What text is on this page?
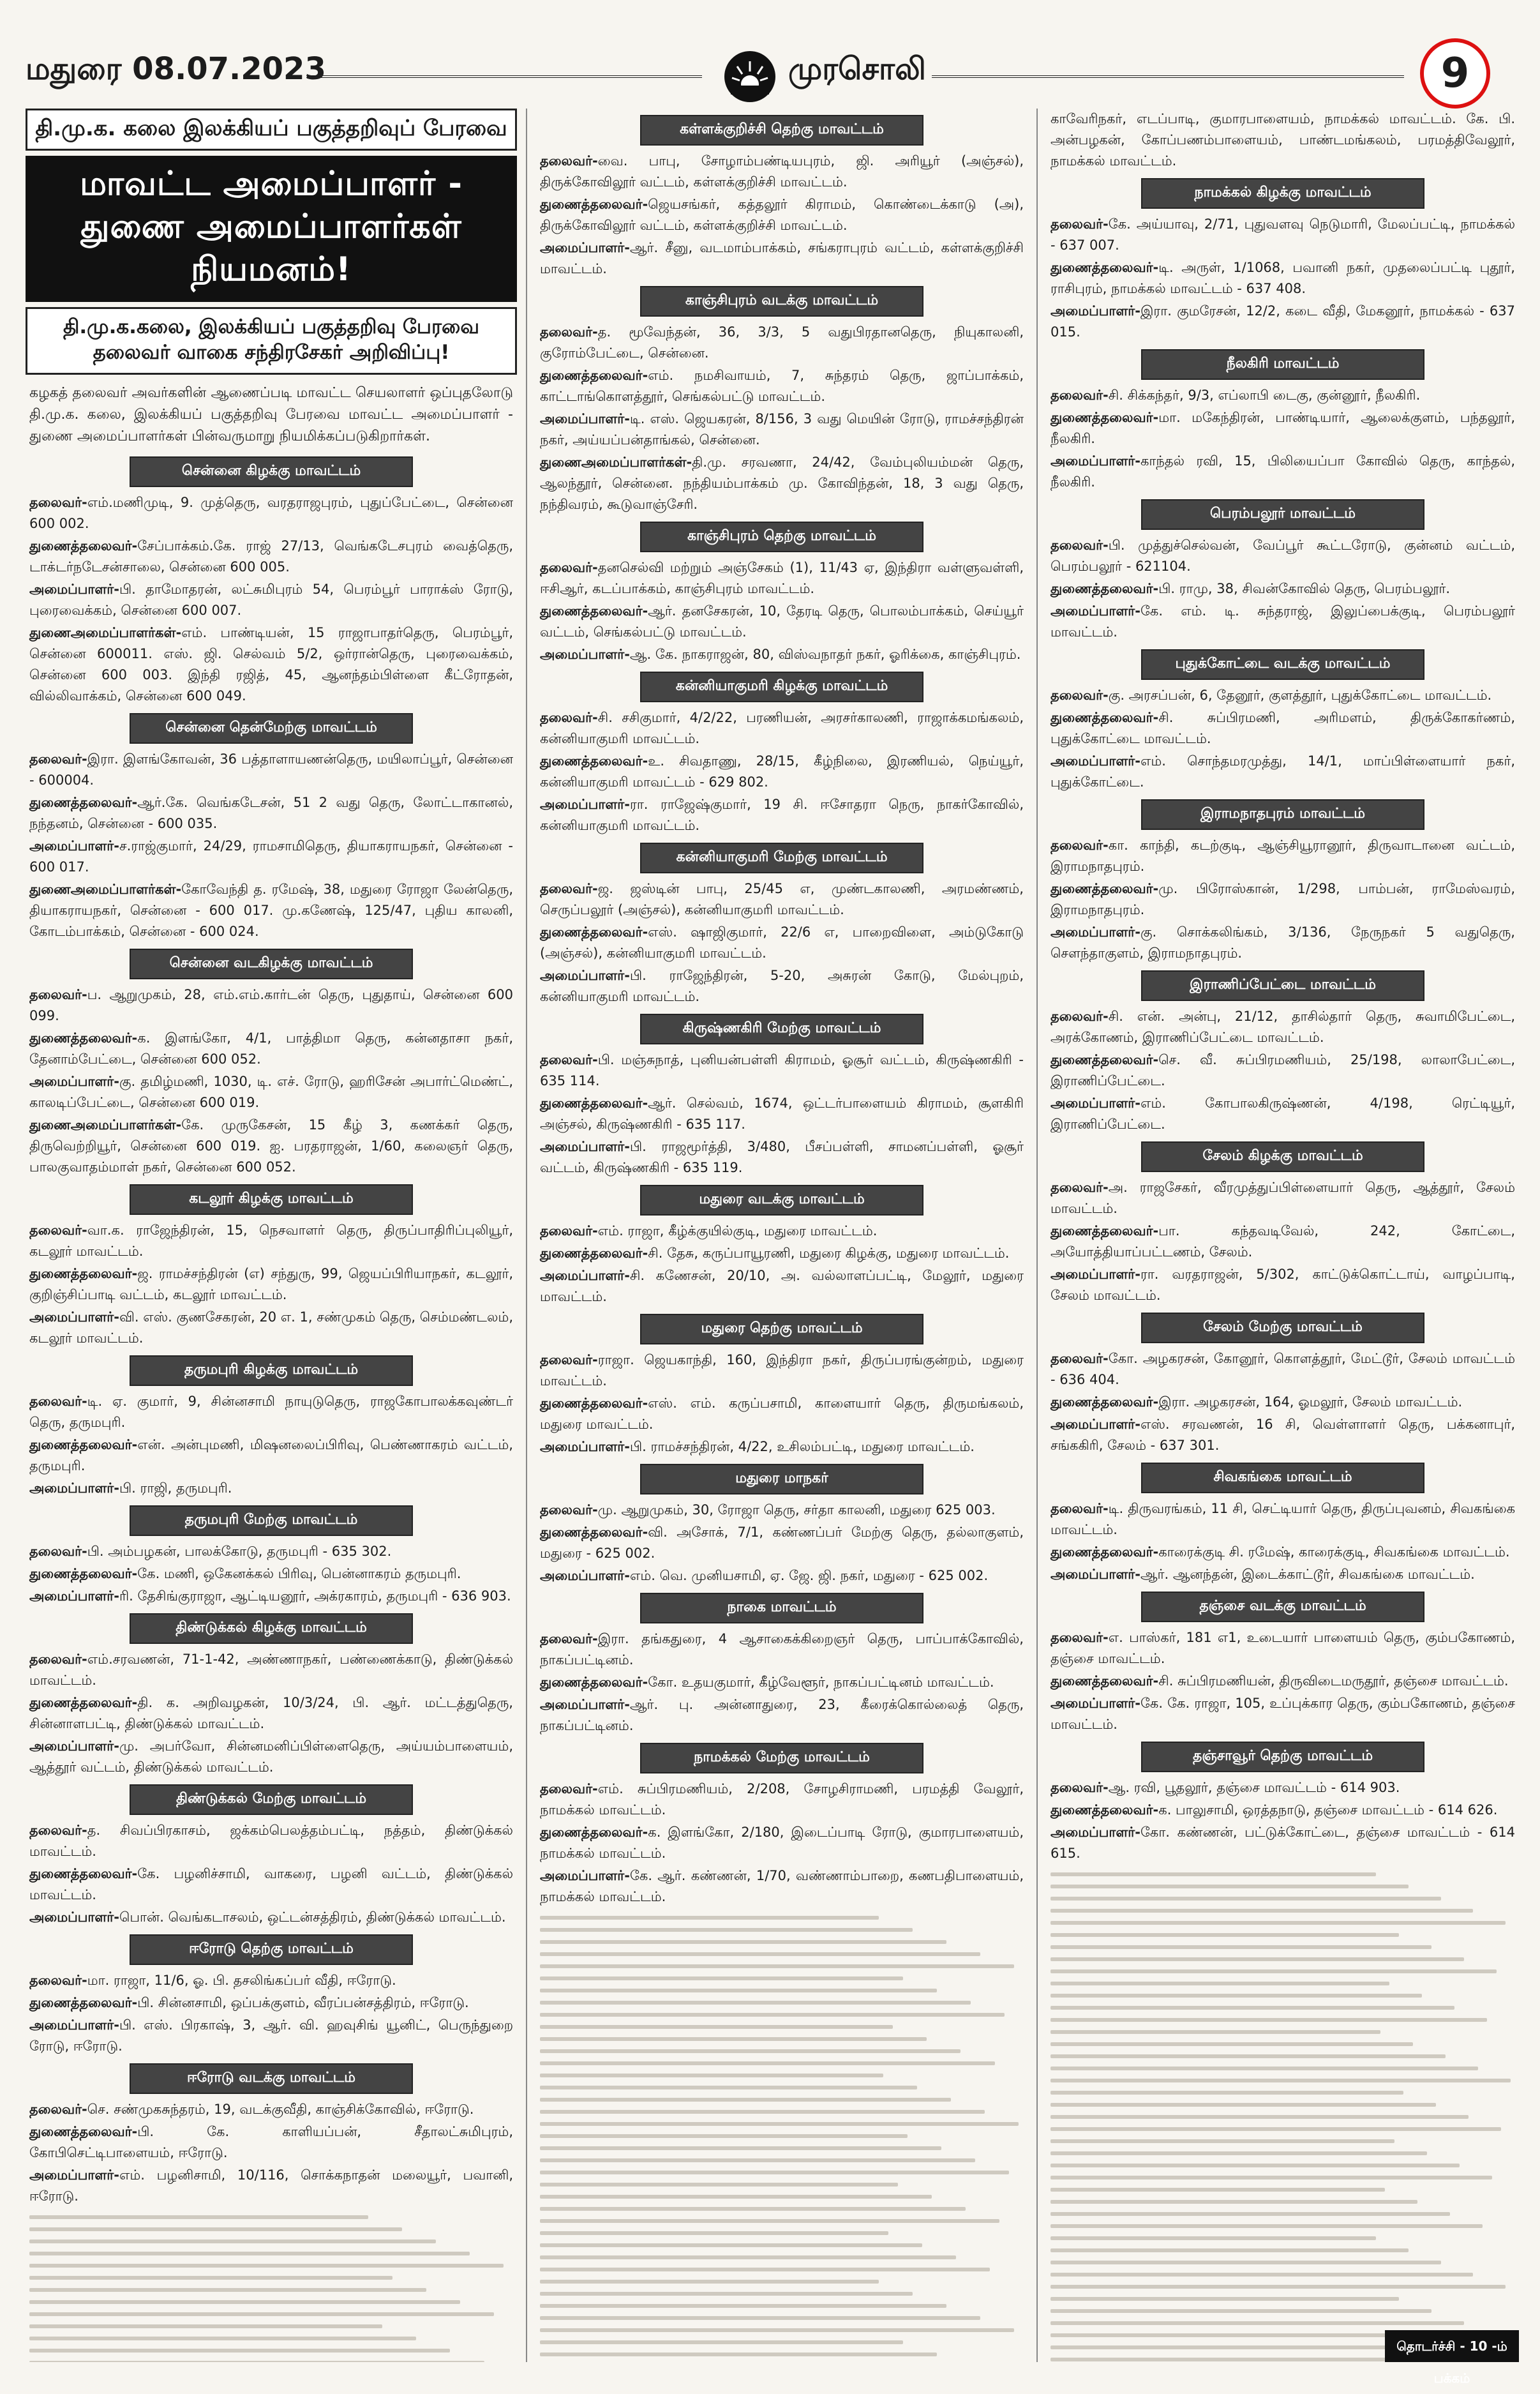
மதுரை 08.07.2023	முரசொலி	9
தி.மு.க. கலை இலக்கியப் பகுத்தறிவுப் பேரவை
மாவட்ட அமைப்பாளர் - துணை அமைப்பாளர்கள் நியமனம்!
தி.மு.க.கலை, இலக்கியப் பகுத்தறிவு பேரவை தலைவர் வாகை சந்திரசேகர் அறிவிப்பு!
கழகத் தலைவர் அவர்களின் ஆணைப்படி மாவட்ட செயலாளர் ஒப்புதலோடு தி.மு.க. கலை, இலக்கியப் பகுத்தறிவு பேரவை மாவட்ட அமைப்பாளர் - துணை அமைப்பாளர்கள் பின்வருமாறு நியமிக்கப்படுகிறார்கள்.
சென்னை கிழக்கு மாவட்டம்
தலைவர்-எம்.மணிமுடி, 9. முத்தெரு, வரதராஜபுரம், புதுப்பேட்டை, சென்னை 600 002.
துணைத்தலைவர்-சேப்பாக்கம்.கே. ராஜ் 27/13, வெங்கடேசபுரம் வைத்தெரு, டாக்டர்நடேசன்சாலை, சென்னை 600 005.
அமைப்பாளர்-பி. தாமோதரன், லட்சுமிபுரம் 54, பெரம்பூர் பாராக்ஸ் ரோடு, புரைவைக்கம், சென்னை 600 007.
துணைஅமைப்பாளர்கள்-எம். பாண்டியன், 15 ராஜாபாதர்தெரு, பெரம்பூர், சென்னை 600011. எஸ். ஜி. செல்வம் 5/2, ஒர்ரான்தெரு, புரைவைக்கம், சென்னை 600 003. இந்தி ரஜித், 45, ஆனந்தம்பிள்ளை கீட்ரோதன், வில்லிவாக்கம், சென்னை 600 049.
சென்னை தென்மேற்கு மாவட்டம்
தலைவர்-இரா. இளங்கோவன், 36 பத்தாளாயணன்தெரு, மயிலாப்பூர், சென்னை - 600004.
துணைத்தலைவர்-ஆர்.கே. வெங்கடேசன், 51 2 வது தெரு, லோட்டாகானல், நந்தனம், சென்னை - 600 035.
அமைப்பாளர்-ச.ராஜ்குமார், 24/29, ராமசாமிதெரு, தியாகராயநகர், சென்னை - 600 017.
துணைஅமைப்பாளர்கள்-கோவேந்தி த. ரமேஷ், 38, மதுரை ரோஜா லேன்தெரு, தியாகராயநகர், சென்னை - 600 017. மு.கணேஷ், 125/47, புதிய காலனி, கோடம்பாக்கம், சென்னை - 600 024.
சென்னை வடகிழக்கு மாவட்டம்
தலைவர்-ப. ஆறுமுகம், 28, எம்.எம்.கார்டன் தெரு, புதுதாய், சென்னை 600 099.
துணைத்தலைவர்-க. இளங்கோ, 4/1, பாத்திமா தெரு, கன்னதாசா நகர், தேனாம்பேட்டை, சென்னை 600 052.
அமைப்பாளர்-கு. தமிழ்மணி, 1030, டி. எச். ரோடு, ஹரிசேன் அபார்ட்மெண்ட், காலடிப்பேட்டை, சென்னை 600 019.
துணைஅமைப்பாளர்கள்-கே. முருகேசன், 15 கீழ் 3, கணக்கர் தெரு, திருவெற்றியூர், சென்னை 600 019. ஐ. பரதராஜன், 1/60, கலைஞர் தெரு, பாலகுவாதம்மாள் நகர், சென்னை 600 052.
கடலூர் கிழக்கு மாவட்டம்
தலைவர்-வா.க. ராஜேந்திரன், 15, நெசவாளர் தெரு, திருப்பாதிரிப்புலியூர், கடலூர் மாவட்டம்.
துணைத்தலைவர்-ஜ. ராமச்சந்திரன் (எ) சந்துரு, 99, ஜெயப்பிரியாநகர், கடலூர், குறிஞ்சிப்பாடி வட்டம், கடலூர் மாவட்டம்.
அமைப்பாளர்-வி. எஸ். குணசேகரன், 20 எ. 1, சண்முகம் தெரு, செம்மண்டலம், கடலூர் மாவட்டம்.
தருமபுரி கிழக்கு மாவட்டம்
தலைவர்-டி. ஏ. குமார், 9, சின்னசாமி நாயுடுதெரு, ராஜகோபாலக்கவுண்டர் தெரு, தருமபுரி.
துணைத்தலைவர்-என். அன்புமணி, மிஷனலைப்பிரிவு, பெண்ணாகரம் வட்டம், தருமபுரி.
அமைப்பாளர்-பி. ராஜி, தருமபுரி.
தருமபுரி மேற்கு மாவட்டம்
தலைவர்-பி. அம்பழகன், பாலக்கோடு, தருமபுரி - 635 302.
துணைத்தலைவர்-கே. மணி, ஒகேனக்கல் பிரிவு, பென்னாகரம் தருமபுரி.
அமைப்பாளர்-ரி. தேசிங்குராஜா, ஆட்டியனூர், அக்ரகாரம், தருமபுரி - 636 903.
திண்டுக்கல் கிழக்கு மாவட்டம்
தலைவர்-எம்.சரவணன், 71-1-42, அண்ணாநகர், பண்ணைக்காடு, திண்டுக்கல் மாவட்டம்.
துணைத்தலைவர்-தி. க. அறிவழகன், 10/3/24, பி. ஆர். மட்டத்துதெரு, சின்னாளபட்டி, திண்டுக்கல் மாவட்டம்.
அமைப்பாளர்-மு. அபர்வோ, சின்னமனிப்பிள்ளைதெரு, அய்யம்பாளையம், ஆத்தூர் வட்டம், திண்டுக்கல் மாவட்டம்.
திண்டுக்கல் மேற்கு மாவட்டம்
தலைவர்-த. சிவப்பிரகாசம், ஜக்கம்பெலத்தம்பட்டி, நத்தம், திண்டுக்கல் மாவட்டம்.
துணைத்தலைவர்-கே. பழனிச்சாமி, வாகரை, பழனி வட்டம், திண்டுக்கல் மாவட்டம்.
அமைப்பாளர்-பொன். வெங்கடாசலம், ஒட்டன்சத்திரம், திண்டுக்கல் மாவட்டம்.
ஈரோடு தெற்கு மாவட்டம்
தலைவர்-மா. ராஜா, 11/6, ஓ. பி. தசலிங்கப்பர் வீதி, ஈரோடு.
துணைத்தலைவர்-பி. சின்னசாமி, ஒப்பக்குளம், வீரப்பன்சத்திரம், ஈரோடு.
அமைப்பாளர்-பி. எஸ். பிரகாஷ், 3, ஆர். வி. ஹவுசிங் யூனிட், பெருந்துறை ரோடு, ஈரோடு.
ஈரோடு வடக்கு மாவட்டம்
தலைவர்-செ. சண்முகசுந்தரம், 19, வடக்குவீதி, காஞ்சிக்கோவில், ஈரோடு.
துணைத்தலைவர்-பி. கே. காளியப்பன், சீதாலட்சுமிபுரம், கோபிசெட்டிபாளையம், ஈரோடு.
அமைப்பாளர்-எம். பழனிசாமி, 10/116, சொக்கநாதன் மலையூர், பவானி, ஈரோடு.
கள்ளக்குறிச்சி தெற்கு மாவட்டம்
தலைவர்-வை. பாபு, சோழாம்பண்டியபுரம், ஜி. அரியூர் (அஞ்சல்), திருக்கோவிலூர் வட்டம், கள்ளக்குறிச்சி மாவட்டம்.
துணைத்தலைவர்-ஜெயசங்கர், கத்தலூர் கிராமம், கொண்டைக்காடு (அ), திருக்கோவிலூர் வட்டம், கள்ளக்குறிச்சி மாவட்டம்.
அமைப்பாளர்-ஆர். சீனு, வடமாம்பாக்கம், சங்கராபுரம் வட்டம், கள்ளக்குறிச்சி மாவட்டம்.
காஞ்சிபுரம் வடக்கு மாவட்டம்
தலைவர்-த. மூவேந்தன், 36, 3/3, 5 வதுபிரதானதெரு, நியுகாலனி, குரோம்பேட்டை, சென்னை.
துணைத்தலைவர்-எம். நமசிவாயம், 7, சுந்தரம் தெரு, ஜாப்பாக்கம், காட்டாங்கொளத்தூர், செங்கல்பட்டு மாவட்டம்.
அமைப்பாளர்-டி. எஸ். ஜெயகரன், 8/156, 3 வது மெயின் ரோடு, ராமச்சந்திரன் நகர், அய்யப்பன்தாங்கல், சென்னை.
துணைஅமைப்பாளர்கள்-தி.மு. சரவணா, 24/42, வேம்புலியம்மன் தெரு, ஆலந்தூர், சென்னை. நந்தியம்பாக்கம் மு. கோவிந்தன், 18, 3 வது தெரு, நந்திவரம், கூடுவாஞ்சேரி.
காஞ்சிபுரம் தெற்கு மாவட்டம்
தலைவர்-தனசெல்வி மற்றும் அஞ்சேகம் (1), 11/43 ஏ, இந்திரா வள்ளுவள்ளி, ஈசிஆர், கடப்பாக்கம், காஞ்சிபுரம் மாவட்டம்.
துணைத்தலைவர்-ஆர். தனசேகரன், 10, தேரடி தெரு, பொலம்பாக்கம், செய்யூர் வட்டம், செங்கல்பட்டு மாவட்டம்.
அமைப்பாளர்-ஆ. கே. நாகராஜன், 80, விஸ்வநாதர் நகர், ஓரிக்கை, காஞ்சிபுரம்.
கன்னியாகுமரி கிழக்கு மாவட்டம்
தலைவர்-சி. சசிகுமார், 4/2/22, பரணியன், அரசர்காலணி, ராஜாக்கமங்கலம், கன்னியாகுமரி மாவட்டம்.
துணைத்தலைவர்-உ. சிவதாணு, 28/15, கீழ்நிலை, இரணியல், நெய்யூர், கன்னியாகுமரி மாவட்டம் - 629 802.
அமைப்பாளர்-ரா. ராஜேஷ்குமார், 19 சி. ஈசோதரா நெரு, நாகர்கோவில், கன்னியாகுமரி மாவட்டம்.
கன்னியாகுமரி மேற்கு மாவட்டம்
தலைவர்-ஜ. ஜஸ்டின் பாபு, 25/45 எ, முண்டகாலணி, அரமண்ணம், செருப்பலூர் (அஞ்சல்), கன்னியாகுமரி மாவட்டம்.
துணைத்தலைவர்-எஸ். ஷாஜிகுமார், 22/6 எ, பாறைவிளை, அம்டுகோடு (அஞ்சல்), கன்னியாகுமரி மாவட்டம்.
அமைப்பாளர்-பி. ராஜேந்திரன், 5-20, அசுரன் கோடு, மேல்புறம், கன்னியாகுமரி மாவட்டம்.
கிருஷ்ணகிரி மேற்கு மாவட்டம்
தலைவர்-பி. மஞ்சுநாத், புனியன்பள்ளி கிராமம், ஓசூர் வட்டம், கிருஷ்ணகிரி - 635 114.
துணைத்தலைவர்-ஆர். செல்வம், 1674, ஒட்டர்பாளையம் கிராமம், சூளகிரி அஞ்சல், கிருஷ்ணகிரி - 635 117.
அமைப்பாளர்-பி. ராஜமூர்த்தி, 3/480, பீசப்பள்ளி, சாமனப்பள்ளி, ஓசூர் வட்டம், கிருஷ்ணகிரி - 635 119.
மதுரை வடக்கு மாவட்டம்
தலைவர்-எம். ராஜா, கீழ்க்குயில்குடி, மதுரை மாவட்டம்.
துணைத்தலைவர்-சி. தேசு, கருப்பாயூரணி, மதுரை கிழக்கு, மதுரை மாவட்டம்.
அமைப்பாளர்-சி. கணேசன், 20/10, அ. வல்லாளப்பட்டி, மேலூர், மதுரை மாவட்டம்.
மதுரை தெற்கு மாவட்டம்
தலைவர்-ராஜா. ஜெயகாந்தி, 160, இந்திரா நகர், திருப்பரங்குன்றம், மதுரை மாவட்டம்.
துணைத்தலைவர்-எஸ். எம். கருப்பசாமி, காளையார் தெரு, திருமங்கலம், மதுரை மாவட்டம்.
அமைப்பாளர்-பி. ராமச்சந்திரன், 4/22, உசிலம்பட்டி, மதுரை மாவட்டம்.
மதுரை மாநகர்
தலைவர்-மு. ஆறுமுகம், 30, ரோஜா தெரு, சர்தா காலனி, மதுரை 625 003.
துணைத்தலைவர்-வி. அசோக், 7/1, கண்ணப்பர் மேற்கு தெரு, தல்லாகுளம், மதுரை - 625 002.
அமைப்பாளர்-எம். வெ. முனியசாமி, ஏ. ஜே. ஜி. நகர், மதுரை - 625 002.
நாகை மாவட்டம்
தலைவர்-இரா. தங்கதுரை, 4 ஆசாகைக்கிறைஞர் தெரு, பாப்பாக்கோவில், நாகப்பட்டினம்.
துணைத்தலைவர்-கோ. உதயகுமார், கீழ்வேளூர், நாகப்பட்டினம் மாவட்டம்.
அமைப்பாளர்-ஆர். பு. அன்னாதுரை, 23, கீரைக்கொல்லைத் தெரு, நாகப்பட்டினம்.
நாமக்கல் மேற்கு மாவட்டம்
தலைவர்-எம். சுப்பிரமணியம், 2/208, சோழசிராமணி, பரமத்தி வேலூர், நாமக்கல் மாவட்டம்.
துணைத்தலைவர்-க. இளங்கோ, 2/180, இடைப்பாடி ரோடு, குமாரபாளையம், நாமக்கல் மாவட்டம்.
அமைப்பாளர்-கே. ஆர். கண்ணன், 1/70, வண்ணாம்பாறை, கணபதிபாளையம், நாமக்கல் மாவட்டம்.
காவேரிநகர், எடப்பாடி, குமாரபாளையம், நாமக்கல் மாவட்டம். கே. பி. அன்பழகன், கோப்பணம்பாளையம், பாண்டமங்கலம், பரமத்திவேலூர், நாமக்கல் மாவட்டம்.
நாமக்கல் கிழக்கு மாவட்டம்
தலைவர்-கே. அய்யாவு, 2/71, புதுவளவு நெடுமாரி, மேலப்பட்டி, நாமக்கல் - 637 007.
துணைத்தலைவர்-டி. அருள், 1/1068, பவானி நகர், முதலைப்பட்டி புதூர், ராசிபுரம், நாமக்கல் மாவட்டம் - 637 408.
அமைப்பாளர்-இரா. குமரேசன், 12/2, கடை வீதி, மேகனூர், நாமக்கல் - 637 015.
நீலகிரி மாவட்டம்
தலைவர்-சி. சிக்கந்தர், 9/3, எப்லாபி டைகு, குன்னூர், நீலகிரி.
துணைத்தலைவர்-மா. மகேந்திரன், பாண்டியார், ஆலைக்குளம், பந்தலூர், நீலகிரி.
அமைப்பாளர்-காந்தல் ரவி, 15, பிலியைப்பா கோவில் தெரு, காந்தல், நீலகிரி.
பெரம்பலூர் மாவட்டம்
தலைவர்-பி. முத்துச்செல்வன், வேப்பூர் கூட்டரோடு, குன்னம் வட்டம், பெரம்பலூர் - 621104.
துணைத்தலைவர்-பி. ராமு, 38, சிவன்கோவில் தெரு, பெரம்பலூர்.
அமைப்பாளர்-கே. எம். டி. சுந்தராஜ், இலுப்பைக்குடி, பெரம்பலூர் மாவட்டம்.
புதுக்கோட்டை வடக்கு மாவட்டம்
தலைவர்-கு. அரசப்பன், 6, தேனூர், குளத்தூர், புதுக்கோட்டை மாவட்டம்.
துணைத்தலைவர்-சி. சுப்பிரமணி, அரிமளம், திருக்கோகர்ணம், புதுக்கோட்டை மாவட்டம்.
அமைப்பாளர்-எம். சொந்தமரமுத்து, 14/1, மாப்பிள்ளையார் நகர், புதுக்கோட்டை.
இராமநாதபுரம் மாவட்டம்
தலைவர்-கா. காந்தி, கடற்குடி, ஆஞ்சியூரானூர், திருவாடானை வட்டம், இராமநாதபுரம்.
துணைத்தலைவர்-மு. பிரோஸ்கான், 1/298, பாம்பன், ராமேஸ்வரம், இராமநாதபுரம்.
அமைப்பாளர்-கு. சொக்கலிங்கம், 3/136, நேருநகர் 5 வதுதெரு, சௌந்தாகுளம், இராமநாதபுரம்.
இராணிப்பேட்டை மாவட்டம்
தலைவர்-சி. என். அன்பு, 21/12, தாசில்தார் தெரு, சுவாமிபேட்டை, அரக்கோணம், இராணிப்பேட்டை மாவட்டம்.
துணைத்தலைவர்-செ. வீ. சுப்பிரமணியம், 25/198, லாலாபேட்டை, இராணிப்பேட்டை.
அமைப்பாளர்-எம். கோபாலகிருஷ்ணன், 4/198, ரெட்டியூர், இராணிப்பேட்டை.
சேலம் கிழக்கு மாவட்டம்
தலைவர்-அ. ராஜசேகர், வீரமுத்துப்பிள்ளையார் தெரு, ஆத்தூர், சேலம் மாவட்டம்.
துணைத்தலைவர்-பா. கந்தவடிவேல், 242, கோட்டை, அயோத்தியாப்பட்டணம், சேலம்.
அமைப்பாளர்-ரா. வரதராஜன், 5/302, காட்டுக்கொட்டாய், வாழப்பாடி, சேலம் மாவட்டம்.
சேலம் மேற்கு மாவட்டம்
தலைவர்-கோ. அழகரசன், கோனூர், கொளத்தூர், மேட்டூர், சேலம் மாவட்டம் - 636 404.
துணைத்தலைவர்-இரா. அழகரசன், 164, ஓமலூர், சேலம் மாவட்டம்.
அமைப்பாளர்-எஸ். சரவணன், 16 சி, வெள்ளாளர் தெரு, பக்கனாபுர், சங்ககிரி, சேலம் - 637 301.
சிவகங்கை மாவட்டம்
தலைவர்-டி. திருவரங்கம், 11 சி, செட்டியார் தெரு, திருப்புவனம், சிவகங்கை மாவட்டம்.
துணைத்தலைவர்-காரைக்குடி சி. ரமேஷ், காரைக்குடி, சிவகங்கை மாவட்டம்.
அமைப்பாளர்-ஆர். ஆனந்தன், இடைக்காட்டூர், சிவகங்கை மாவட்டம்.
தஞ்சை வடக்கு மாவட்டம்
தலைவர்-எ. பாஸ்கர், 181 எ1, உடையார் பாளையம் தெரு, கும்பகோணம், தஞ்சை மாவட்டம்.
துணைத்தலைவர்-சி. சுப்பிரமணியன், திருவிடைமருதூர், தஞ்சை மாவட்டம்.
அமைப்பாளர்-கே. கே. ராஜா, 105, உப்புக்கார தெரு, கும்பகோணம், தஞ்சை மாவட்டம்.
தஞ்சாவூர் தெற்கு மாவட்டம்
தலைவர்-ஆ. ரவி, பூதலூர், தஞ்சை மாவட்டம் - 614 903.
துணைத்தலைவர்-க. பாலுசாமி, ஒரத்தநாடு, தஞ்சை மாவட்டம் - 614 626.
அமைப்பாளர்-கோ. கண்ணன், பட்டுக்கோட்டை, தஞ்சை மாவட்டம் - 614 615.
தொடர்ச்சி - 10 -ம் பக்கம்
